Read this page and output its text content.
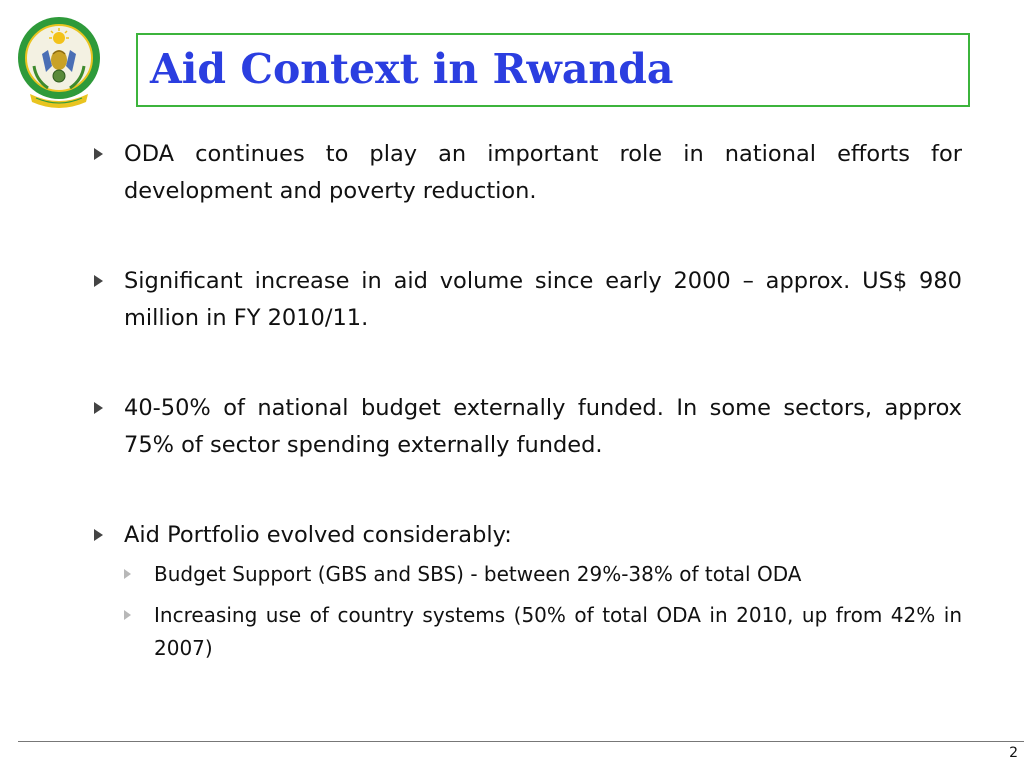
Aid Context in Rwanda
ODA continues to play an important role in national efforts for development and poverty reduction.
Significant increase in aid volume since early 2000 – approx. US$ 980 million in FY 2010/11.
40-50% of national budget externally funded. In some sectors, approx 75% of sector spending externally funded.
Aid Portfolio evolved considerably:
Budget Support (GBS and SBS) - between 29%-38% of total ODA
Increasing use of country systems (50% of total ODA in 2010, up from 42% in 2007)
2
